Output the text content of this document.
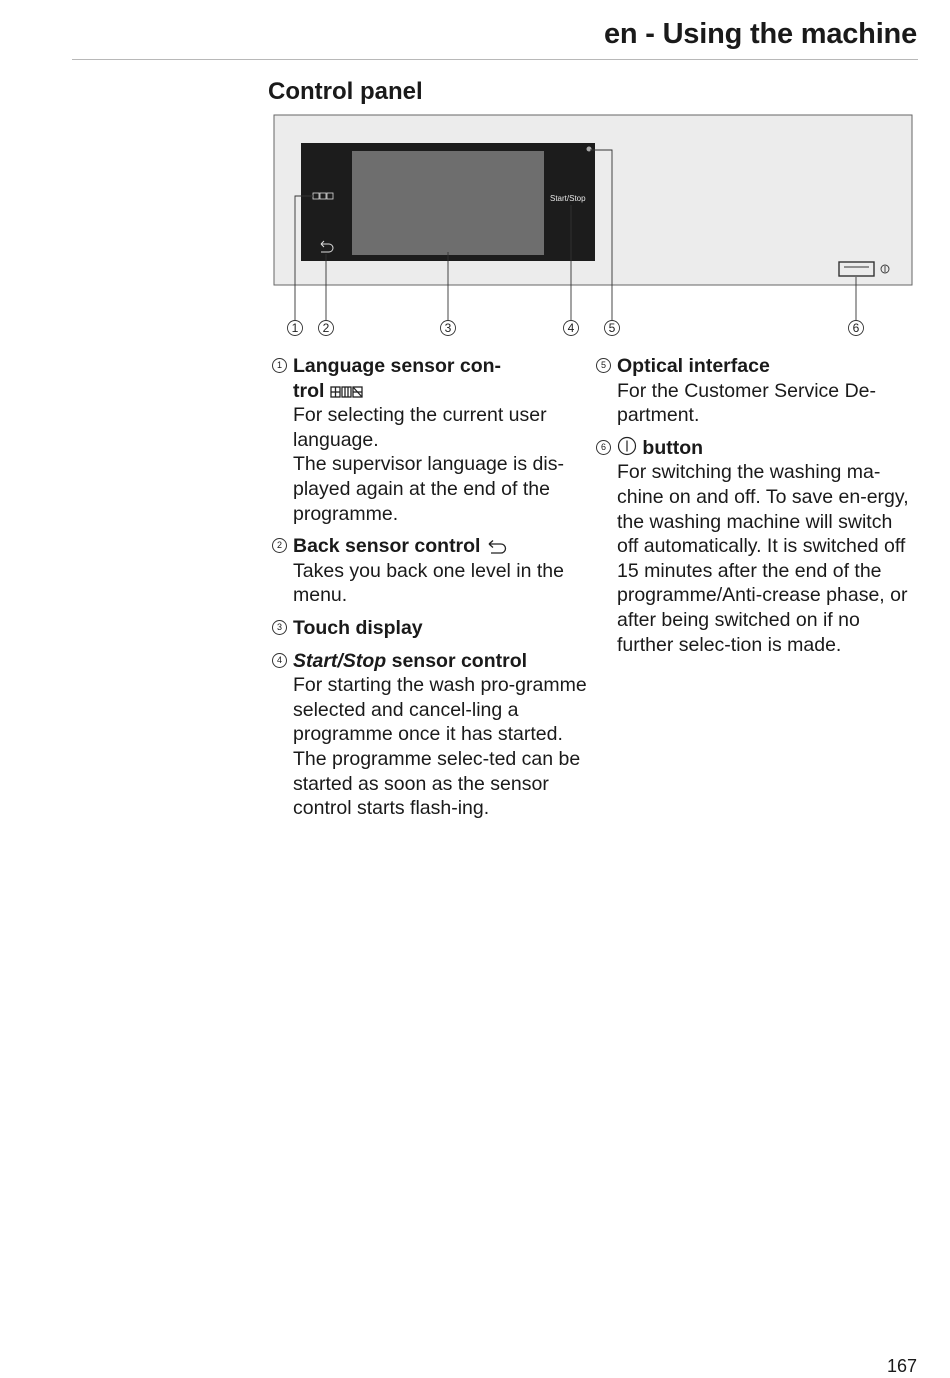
en - Using the machine
Control panel
Start/Stop
1 2	3	4	5	6
1 Language sensor con-
trol
For selecting the current user language.
The supervisor language is dis-played again at the end of the programme.
2 Back sensor control
Takes you back one level in the menu.
3 Touch display
4 Start/Stop sensor control
For starting the wash pro-gramme selected and cancel-ling a programme once it has started. The programme selec-ted can be started as soon as the sensor control starts flash-ing.
5 Optical interface
For the Customer Service De-partment.
6	button
For switching the washing ma-chine on and off. To save en-ergy, the washing machine will switch off automatically. It is switched off 15 minutes after the end of the programme/Anti-crease phase, or after being switched on if no further selec-tion is made.
167
